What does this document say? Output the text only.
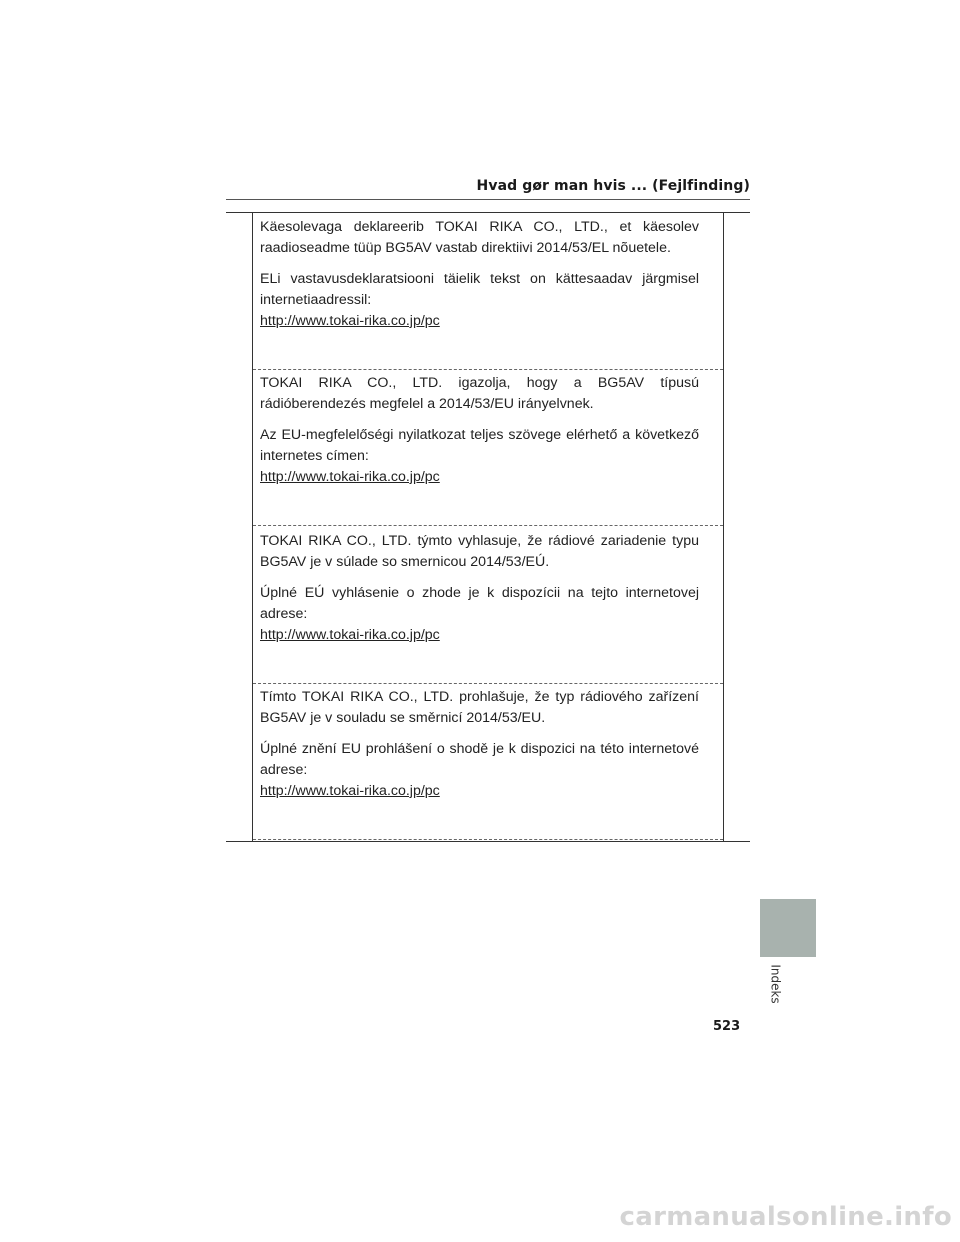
Hvad gør man hvis ... (Fejlfinding)

Käesolevaga deklareerib TOKAI RIKA CO., LTD., et käesolev raadioseadme tüüp BG5AV vastab direktiivi 2014/53/EL nõuetele.

ELi vastavusdeklaratsiooni täielik tekst on kättesaadav järgmisel internetiaadressil:

http://www.tokai-rika.co.jp/pc

TOKAI RIKA CO., LTD. igazolja, hogy a BG5AV típusú rádióberendezés megfelel a 2014/53/EU irányelvnek.

Az EU-megfelelőségi nyilatkozat teljes szövege elérhető a következő internetes címen:

http://www.tokai-rika.co.jp/pc

TOKAI RIKA CO., LTD. týmto vyhlasuje, že rádiové zariadenie typu BG5AV je v súlade so smernicou 2014/53/EÚ.

Úplné EÚ vyhlásenie o zhode je k dispozícii na tejto internetovej adrese:

http://www.tokai-rika.co.jp/pc

Tímto TOKAI RIKA CO., LTD. prohlašuje, že typ rádiového zařízení BG5AV je v souladu se směrnicí 2014/53/EU.

Úplné znění EU prohlášení o shodě je k dispozici na této internetové adrese:

http://www.tokai-rika.co.jp/pc
Indeks
523
carmanualsonline.info
